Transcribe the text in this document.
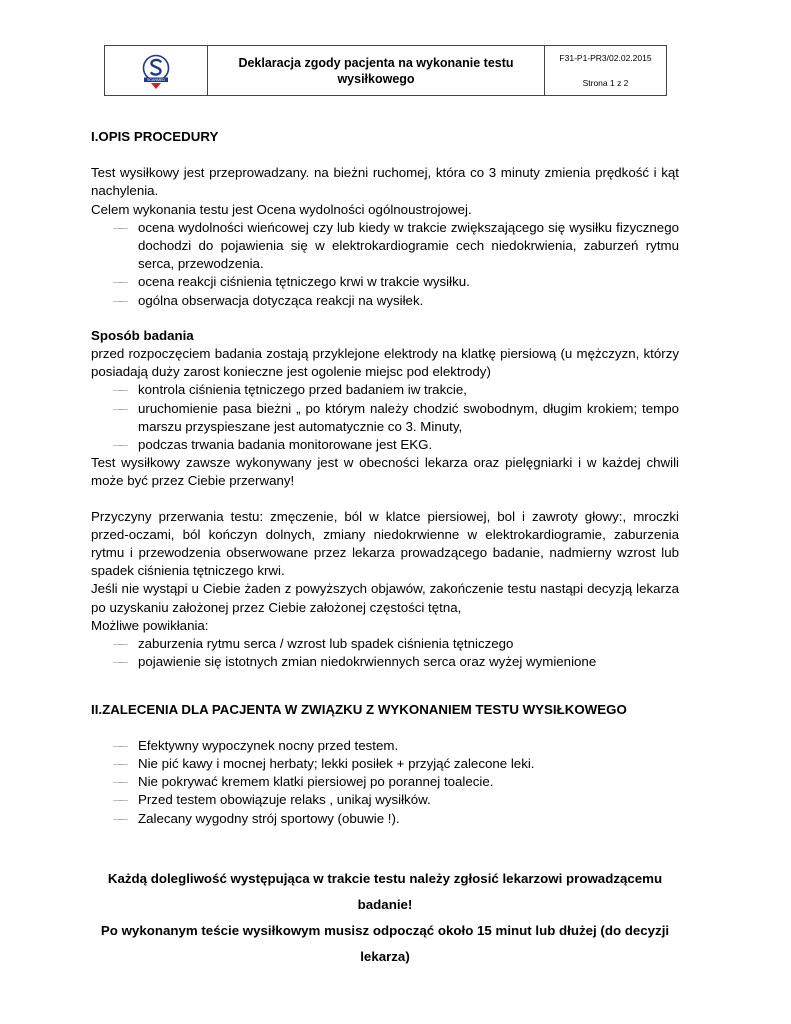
SCANMED
Deklaracja zgody pacjenta na wykonanie testu wysiłkowego
F31-P1-PR3/02.02.2015
Strona 1 z 2

I.OPIS PROCEDURY

Test wysiłkowy jest przeprowadzany. na bieżni ruchomej, która co 3 minuty zmienia prędkość i kąt nachylenia.

Celem wykonania testu jest Ocena wydolności ogólnoustrojowej.

—— ocena wydolności wieńcowej czy lub kiedy w trakcie zwiększającego się wysiłku fizycznego dochodzi do pojawienia się w elektrokardiogramie cech niedokrwienia, zaburzeń rytmu serca, przewodzenia.
—— ocena reakcji ciśnienia tętniczego krwi w trakcie wysiłku.
—— ogólna obserwacja dotycząca reakcji na wysiłek.

Sposób badania

przed rozpoczęciem badania zostają przyklejone elektrody na klatkę piersiową (u mężczyzn, którzy posiadają duży zarost konieczne jest ogolenie miejsc pod elektrody)

—— kontrola ciśnienia tętniczego przed badaniem iw trakcie,
—— uruchomienie pasa bieżni „ po którym należy chodzić swobodnym, długim krokiem; tempo marszu przyspieszane jest automatycznie co 3. Minuty,
—— podczas trwania badania monitorowane jest EKG.

Test wysiłkowy zawsze wykonywany jest w obecności lekarza oraz pielęgniarki i w każdej chwili może być przez Ciebie przerwany!

Przyczyny przerwania testu: zmęczenie, ból w klatce piersiowej, bol i zawroty głowy:, mroczki przed-oczami, ból kończyn dolnych, zmiany niedokrwienne w elektrokardiogramie, zaburzenia rytmu i przewodzenia obserwowane przez lekarza prowadzącego badanie, nadmierny wzrost lub spadek ciśnienia tętniczego krwi.

Jeśli nie wystąpi u Ciebie żaden z powyższych objawów, zakończenie testu nastąpi decyzją lekarza po uzyskaniu założonej przez Ciebie założonej częstości tętna,

Możliwe powikłania:

—— zaburzenia rytmu serca / wzrost lub spadek ciśnienia tętniczego
—— pojawienie się istotnych zmian niedokrwiennych serca oraz wyżej wymienione

II.ZALECENIA DLA PACJENTA W ZWIĄZKU Z WYKONANIEM TESTU WYSIŁKOWEGO

—— Efektywny wypoczynek nocny przed testem.
—— Nie pić kawy i mocnej herbaty; lekki posiłek + przyjąć zalecone leki.
—— Nie pokrywać kremem klatki piersiowej po porannej toalecie.
—— Przed testem obowiązuje relaks , unikaj wysiłków.
—— Zalecany wygodny strój sportowy (obuwie !).
Każdą dolegliwość występująca w trakcie testu należy zgłosić lekarzowi prowadzącemu badanie!
Po wykonanym teście wysiłkowym musisz odpocząć około 15 minut lub dłużej (do decyzji
lekarza)
